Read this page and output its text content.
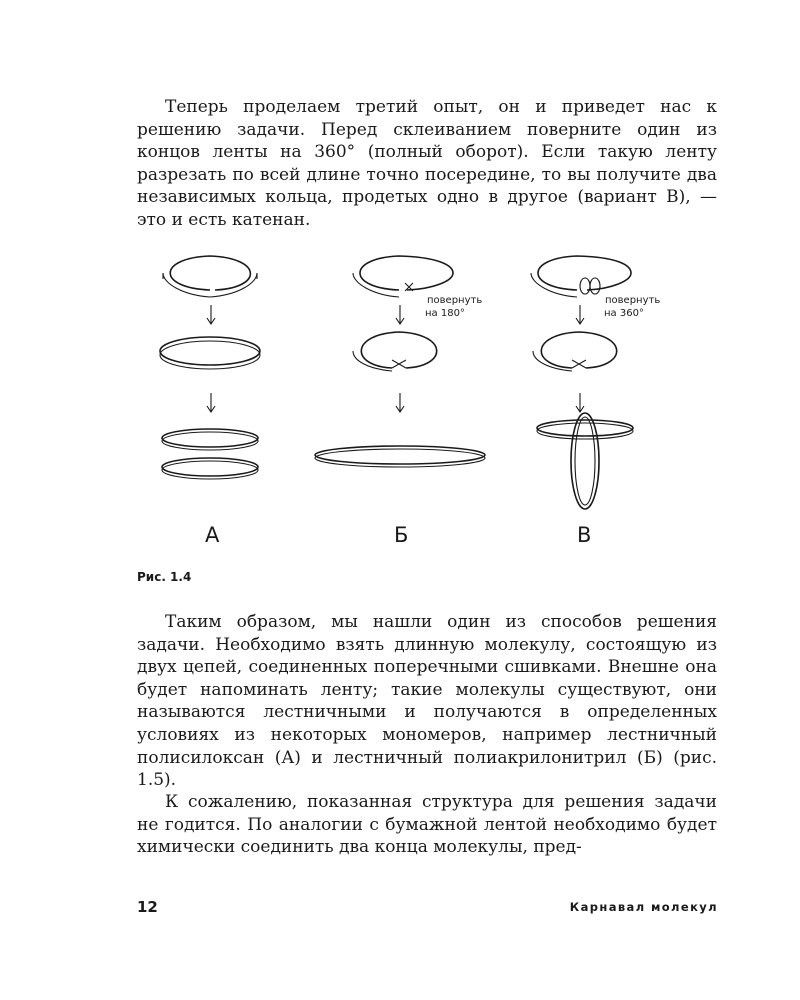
Теперь проделаем третий опыт, он и приведет нас к решению задачи. Перед склеиванием поверните один из концов ленты на 360° (полный оборот). Если такую ленту разрезать по всей длине точно посередине, то вы получите два независимых кольца, продетых одно в другое (вариант В), — это и есть катенан.

А
повернуть
на 180°
Б
повернуть
на 360°
В
Рис. 1.4

Таким образом, мы нашли один из способов решения задачи. Необходимо взять длинную молекулу, состоящую из двух цепей, соединенных поперечными сшивками. Внешне она будет напоминать ленту; такие молекулы существуют, они называются лестничными и получаются в определенных условиях из некоторых мономеров, например лестничный полисилоксан (А) и лестничный полиакрилонитрил (Б) (рис. 1.5).

К сожалению, показанная структура для решения задачи не годится. По аналогии с бумажной лентой необходимо будет химически соединить два конца молекулы, пред-

12	Карнавал молекул
